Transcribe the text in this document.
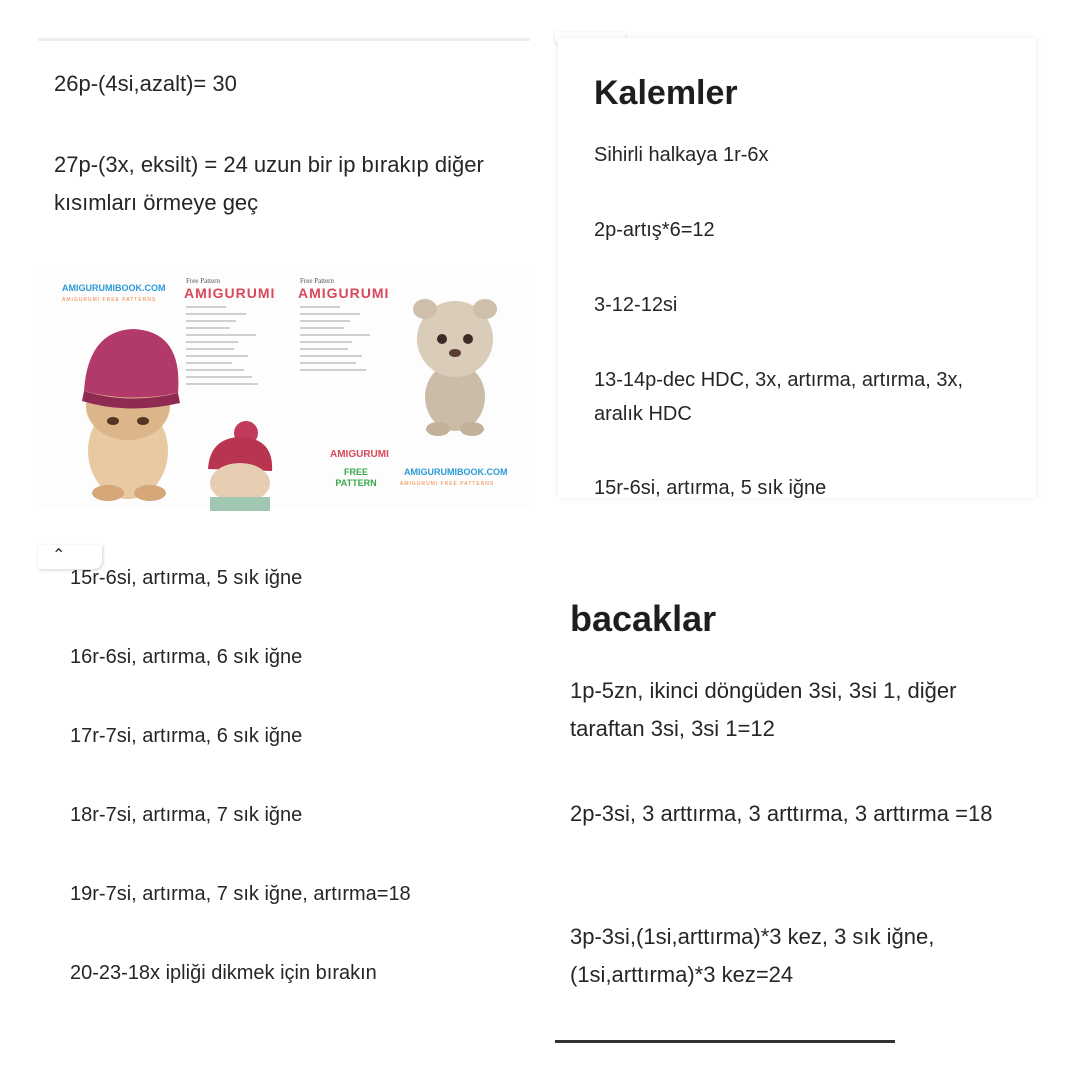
26p-(4si,azalt)= 30

27p-(3x, eksilt) = 24 uzun bir ip bırakıp diğer kısımları örmeye geç

AMIGURUMIBOOK.COM
AMIGURUMI FREE PATTERNS
Free Pattern
AMIGURUMI
Free Pattern
AMIGURUMI
AMIGURUMI
FREE PATTERN
AMIGURUMIBOOK.COM
AMIGURUMI FREE PATTERNS
Kalemler
Sihirli halkaya 1r-6x
2p-artış*6=12
3-12-12si
13-14p-dec HDC, 3x, artırma, artırma, 3x, aralık HDC
15r-6si, artırma, 5 sık iğne
⌃
15r-6si, artırma, 5 sık iğne
16r-6si, artırma, 6 sık iğne
17r-7si, artırma, 6 sık iğne
18r-7si, artırma, 7 sık iğne
19r-7si, artırma, 7 sık iğne, artırma=18
20-23-18x ipliği dikmek için bırakın
bacaklar
1p-5zn, ikinci döngüden 3si, 3si 1, diğer taraftan 3si, 3si 1=12
2p-3si, 3 arttırma, 3 arttırma, 3 arttırma =18
3p-3si,(1si,arttırma)*3 kez, 3 sık iğne, (1si,arttırma)*3 kez=24
